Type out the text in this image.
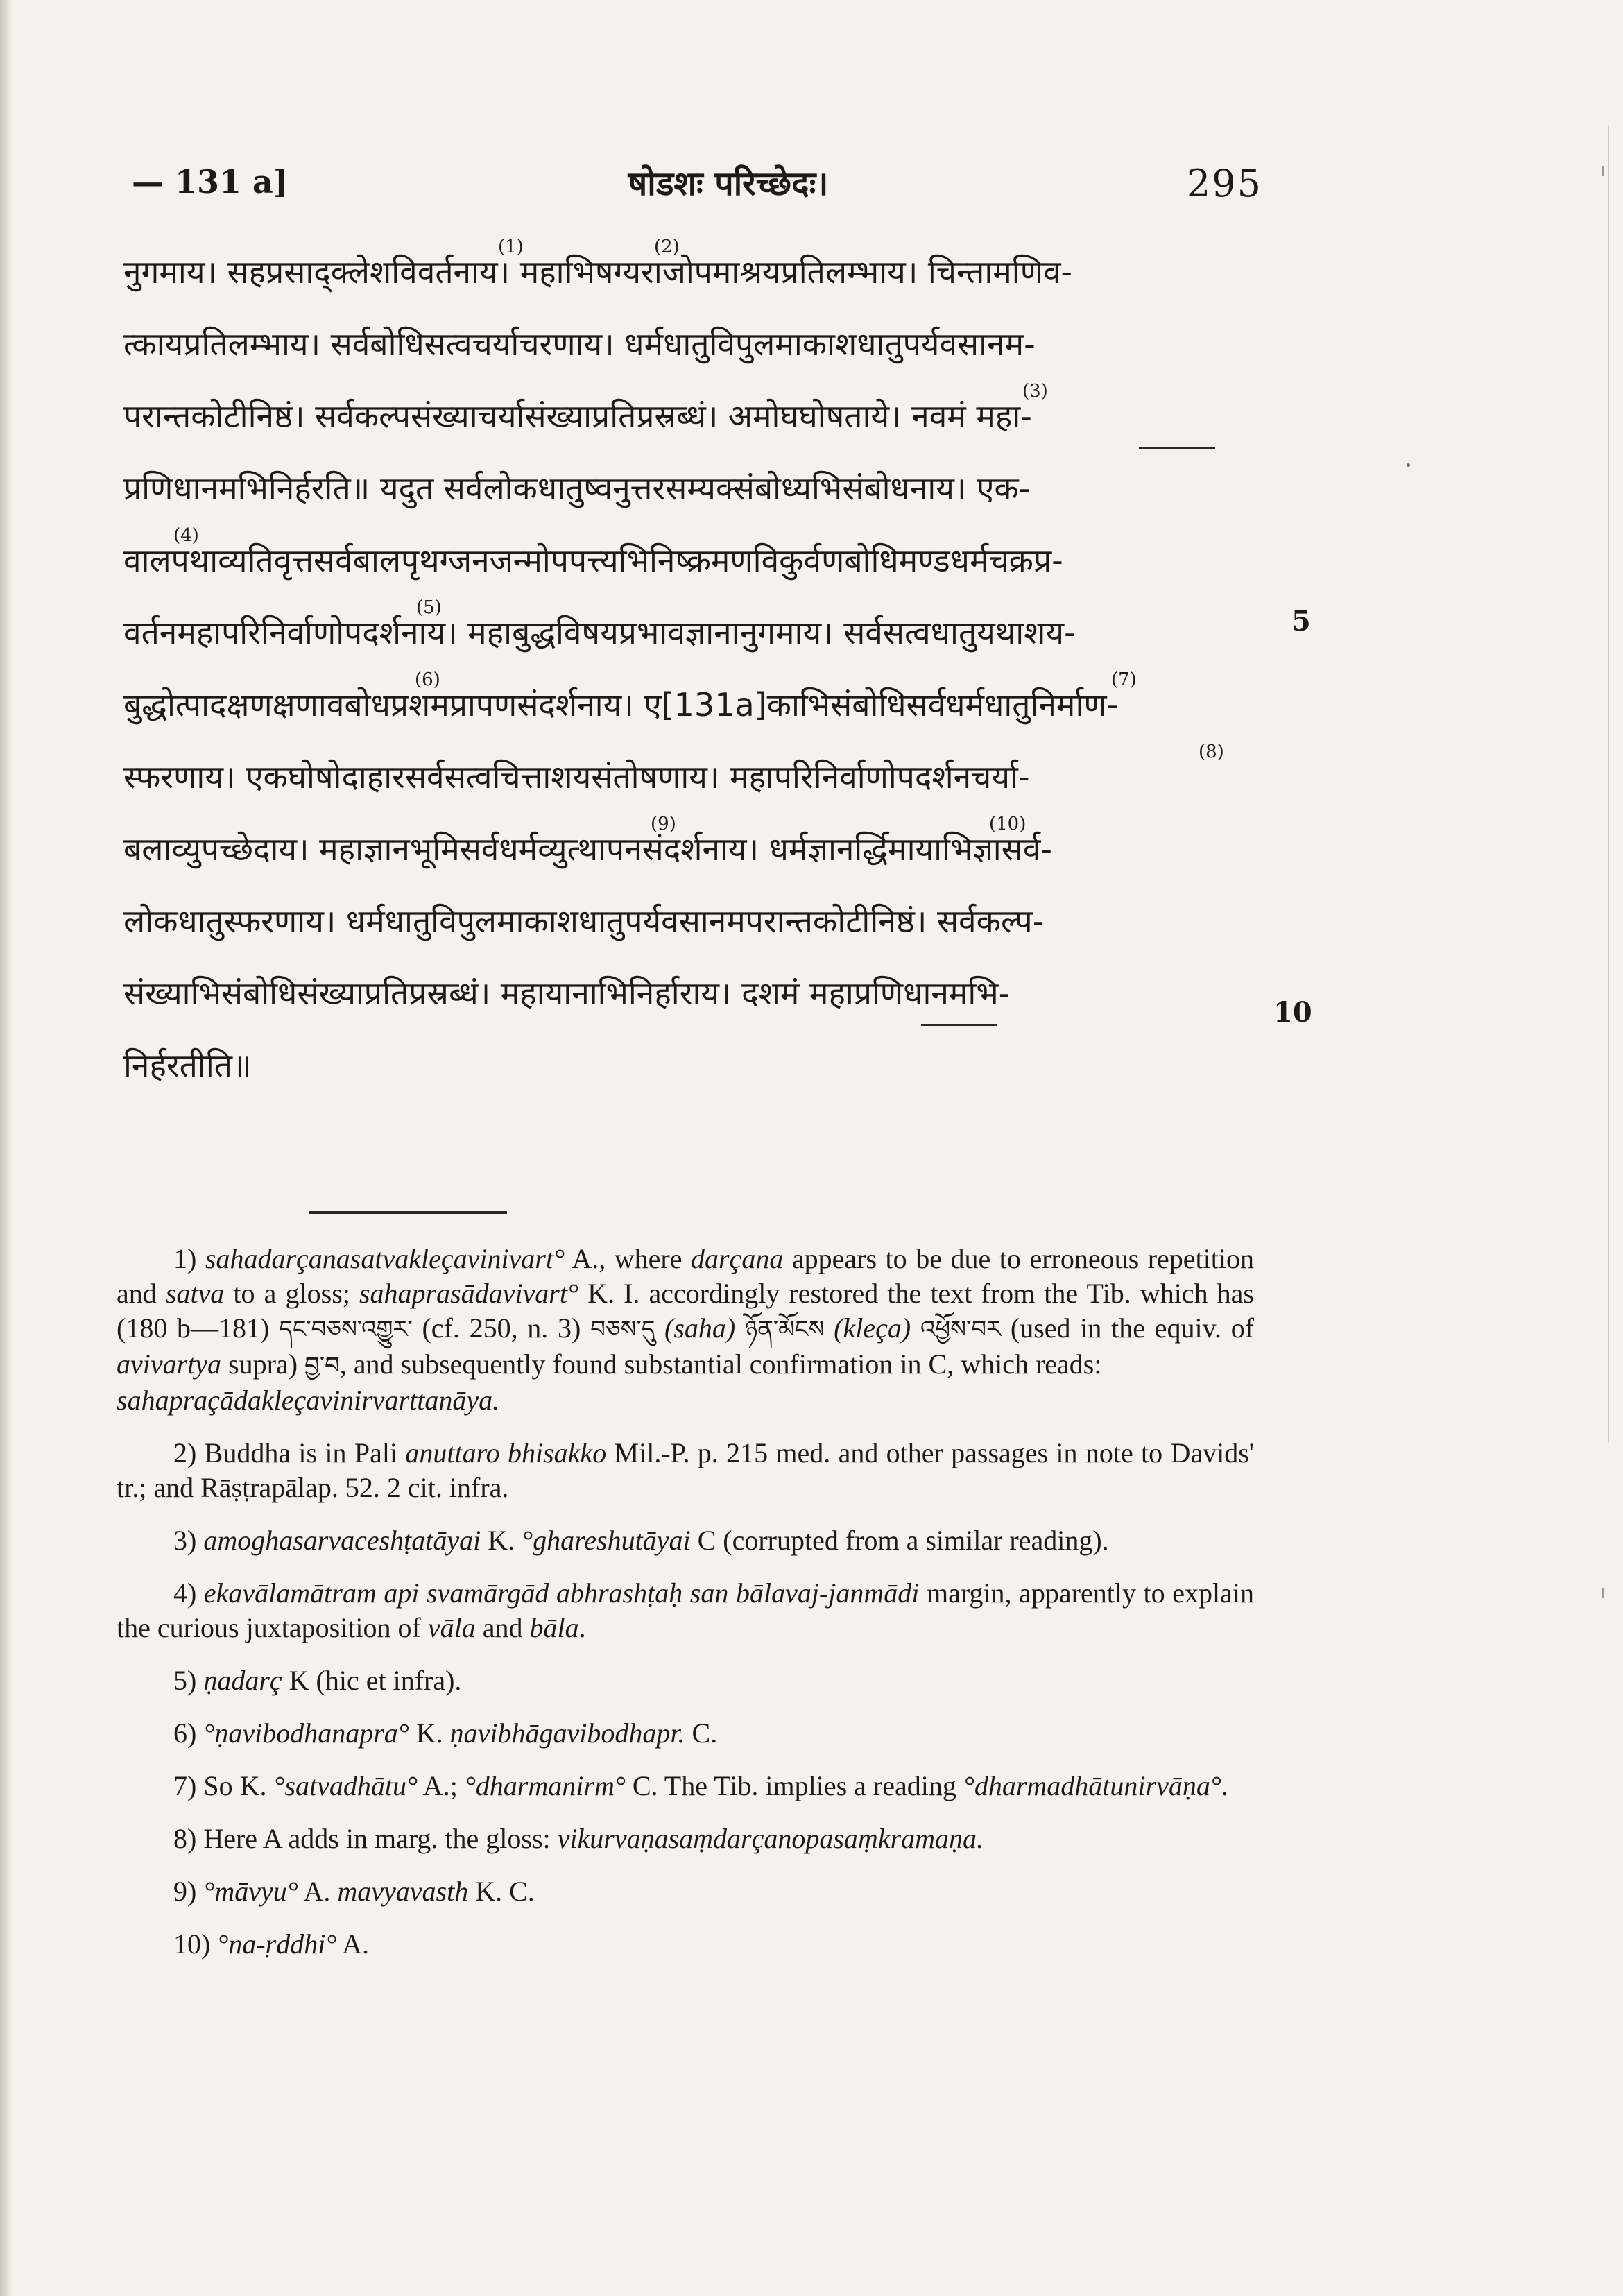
— 131 a]	षोडशः परिच्छेदः।	295
नुगमाय। सहप्रसाद्क्लेशविवर्तनाय। महाभिषग्यराजोपमाश्रयप्रतिलम्भाय। चिन्तामणिव-
(1)	(2)
त्कायप्रतिलम्भाय। सर्वबोधिसत्वचर्याचरणाय। धर्मधातुविपुलमाकाशधातुपर्यवसानम-
परान्तकोटीनिष्ठं। सर्वकल्पसंख्याचर्यासंख्याप्रतिप्रस्रब्धं। अमोघघोषताये। नवमं महा-
(3)
प्रणिधानमभिनिर्हरति॥ यदुत सर्वलोकधातुष्वनुत्तरसम्यक्संबोध्यभिसंबोधनाय। एक-
वालपथाव्यतिवृत्तसर्वबालपृथग्जनजन्मोपपत्त्यभिनिष्क्रमणविकुर्वणबोधिमण्डधर्मचक्रप्र-
(4)
वर्तनमहापरिनिर्वाणोपदर्शनाय। महाबुद्धविषयप्रभावज्ञानानुगमाय। सर्वसत्वधातुयथाशय-
(5)
बुद्धोत्पादक्षणक्षणावबोधप्रशमप्रापणसंदर्शनाय। ए[131a]काभिसंबोधिसर्वधर्मधातुनिर्माण-
(6)	(7)
स्फरणाय। एकघोषोदाहारसर्वसत्वचित्ताशयसंतोषणाय। महापरिनिर्वाणोपदर्शनचर्या-
(8)
बलाव्युपच्छेदाय। महाज्ञानभूमिसर्वधर्मव्युत्थापनसंदर्शनाय। धर्मज्ञानर्द्धिमायाभिज्ञासर्व-
(9)	(10)
लोकधातुस्फरणाय। धर्मधातुविपुलमाकाशधातुपर्यवसानमपरान्तकोटीनिष्ठं। सर्वकल्प-
संख्याभिसंबोधिसंख्याप्रतिप्रस्रब्धं। महायानाभिनिर्हाराय। दशमं महाप्रणिधानमभि-
निर्हरतीति॥
5
10

1) sahadarçanasatvakleçavinivart° A., where darçana appears to be due to erroneous repetition and satva to a gloss; sahaprasādavivart° K. I. accordingly restored the text from the Tib. which has (180 b—181) དང་བཅས་འགྱུར་ (cf. 250, n. 3) བཅས་དུ (saha) ཉོན་མོངས (kleça) འཕྱོས་བར (used in the equiv. of avivartya supra) བྱ་བ, and subsequently found substantial confirmation in C, which reads:

sahapraçādakleçavinirvarttanāya.

2) Buddha is in Pali anuttaro bhisakko Mil.-P. p. 215 med. and other passages in note to Davids' tr.; and Rāṣṭrapālap. 52. 2 cit. infra.

3) amoghasarvaceshṭatāyai K. °ghareshutāyai C (corrupted from a similar reading).

4) ekavālamātram api svamārgād abhrashṭaḥ san bālavaj-janmādi margin, apparently to explain the curious juxtaposition of vāla and bāla.

5) ṇadarç K (hic et infra).

6) °ṇavibodhanapra° K. ṇavibhāgavibodhapr. C.

7) So K. °satvadhātu° A.; °dharmanirm° C. The Tib. implies a reading °dharmadhātunirvāṇa°.

8) Here A adds in marg. the gloss: vikurvaṇasaṃdarçanopasaṃkramaṇa.

9) °māvyu° A. mavyavasth K. C.

10) °na-ṛddhi° A.
